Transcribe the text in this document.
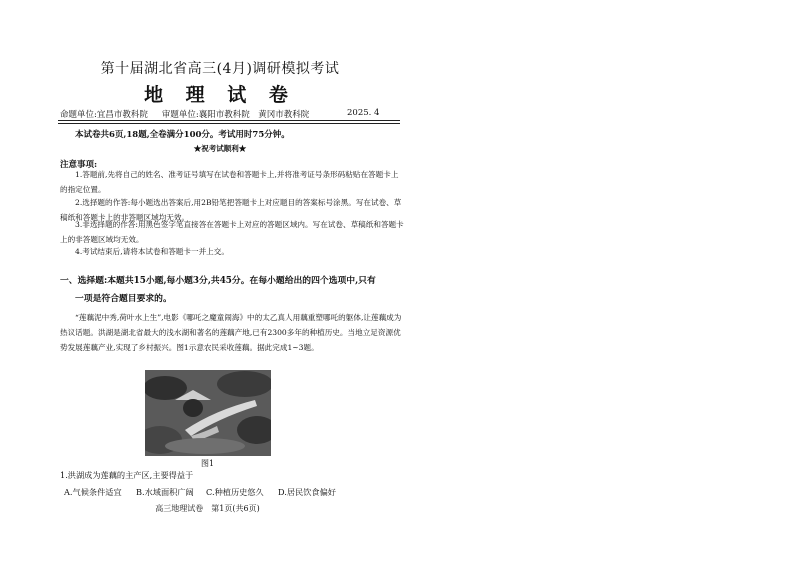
第十届湖北省高三(4月)调研模拟考试
地 理 试 卷
命题单位:宜昌市教科院 审题单位:襄阳市教科院　黄冈市教科院	2025. 4
本试卷共6页,18题,全卷满分100分。考试用时75分钟。
★祝考试顺利★
注意事项:
1.答题前,先将自己的姓名、准考证号填写在试卷和答题卡上,并将准考证号条形码粘贴在答题卡上的指定位置。
2.选择题的作答:每小题选出答案后,用2B铅笔把答题卡上对应题目的答案标号涂黑。写在试卷、草稿纸和答题卡上的非答题区域均无效。
3.非选择题的作答:用黑色签字笔直接答在答题卡上对应的答题区域内。写在试卷、草稿纸和答题卡上的非答题区域均无效。
4.考试结束后,请将本试卷和答题卡一并上交。
一、选择题:本题共15小题,每小题3分,共45分。在每小题给出的四个选项中,只有
一项是符合题目要求的。
“莲藕泥中秀,荷叶水上生”,电影《哪吒之魔童闹海》中的太乙真人用藕重塑哪吒的躯体,让莲藕成为热议话题。洪湖是湖北省最大的浅水湖和著名的莲藕产地,已有2300多年的种植历史。当地立足资源优势发展莲藕产业,实现了乡村振兴。图1示意农民采收莲藕。据此完成1~3题。
图1
1.洪湖成为莲藕的主产区,主要得益于
A.气候条件适宜	B.水域面积广阔	C.种植历史悠久	D.居民饮食偏好
高三地理试卷　第1页(共6页)
